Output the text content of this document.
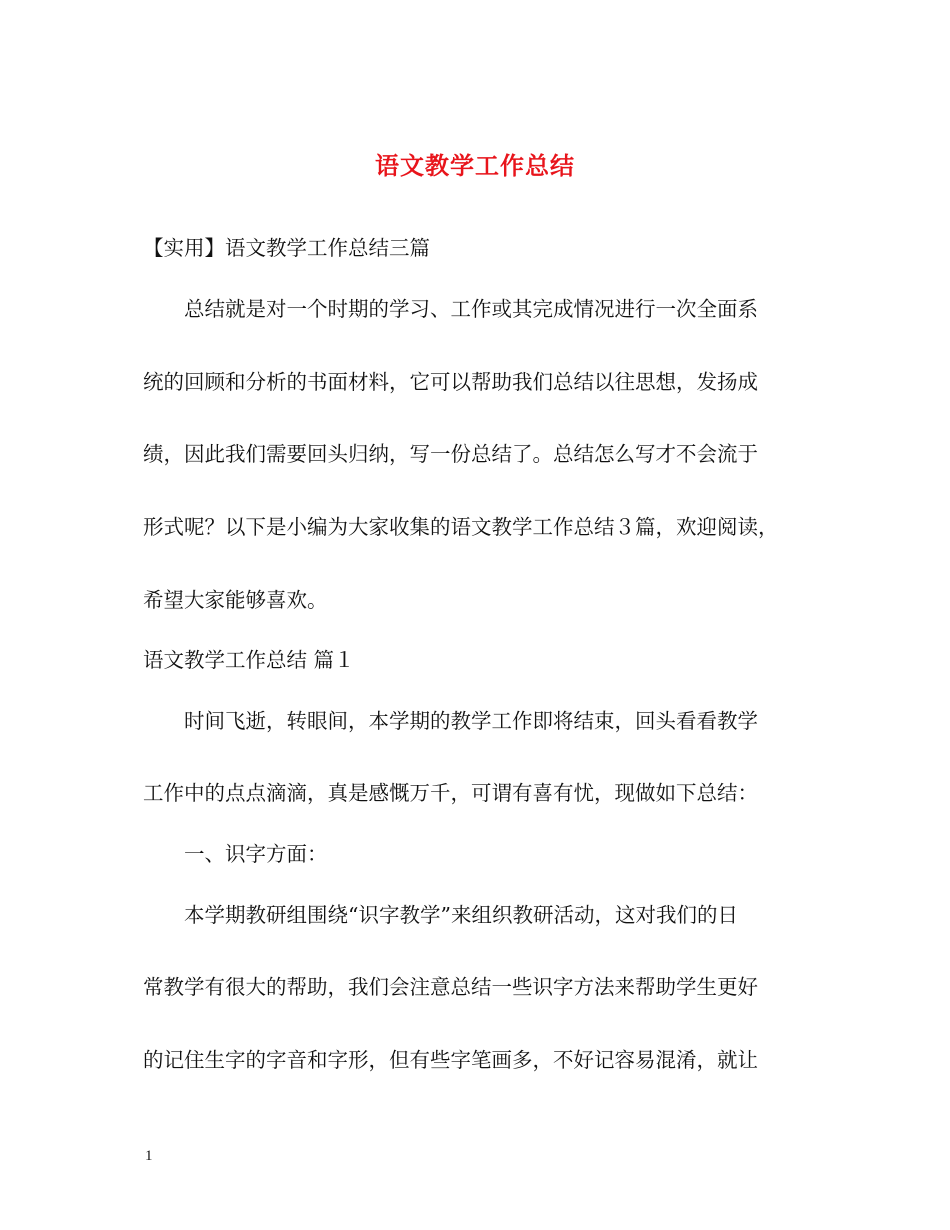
语文教学工作总结
【实用】语文教学工作总结三篇
总结就是对一个时期的学习、工作或其完成情况进行一次全面系
统的回顾和分析的书面材料，它可以帮助我们总结以往思想，发扬成
绩，因此我们需要回头归纳，写一份总结了。总结怎么写才不会流于
形式呢？以下是小编为大家收集的语文教学工作总结３篇，欢迎阅读，
希望大家能够喜欢。
语文教学工作总结 篇１
时间飞逝，转眼间，本学期的教学工作即将结束，回头看看教学
工作中的点点滴滴，真是感慨万千，可谓有喜有忧，现做如下总结：
一、识字方面：
本学期教研组围绕“识字教学”来组织教研活动，这对我们的日
常教学有很大的帮助，我们会注意总结一些识字方法来帮助学生更好
的记住生字的字音和字形，但有些字笔画多，不好记容易混淆，就让
1
